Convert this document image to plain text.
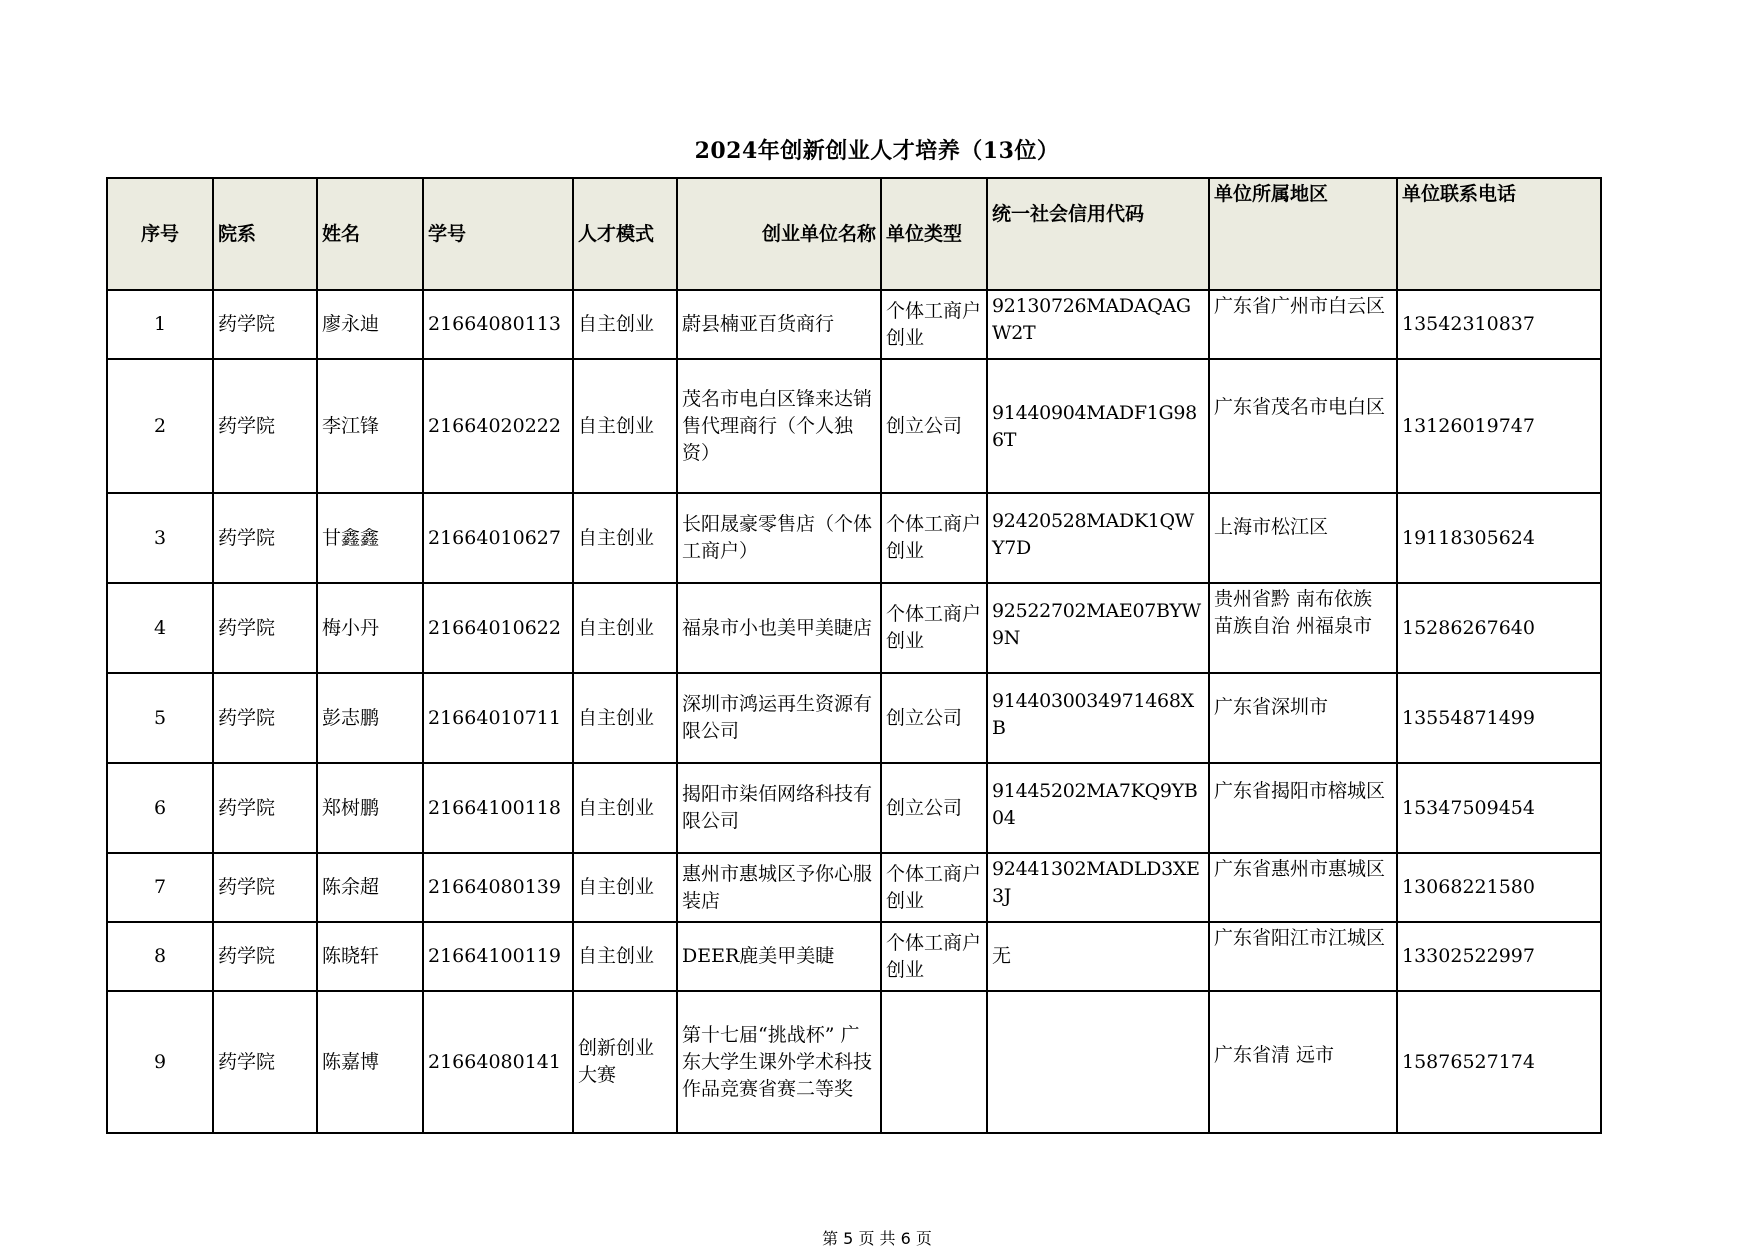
2024年创新创业人才培养（13位）
序号	院系	姓名	学号	人才模式	创业单位名称	单位类型	统一社会信用代码	单位所属地区	单位联系电话
1	药学院	廖永迪	21664080113	自主创业	蔚县楠亚百货商行	个体工商户创业	92130726MADAQAGW2T	广东省广州市白云区	13542310837
2	药学院	李江锋	21664020222	自主创业	茂名市电白区锋来达销售代理商行（个人独资）	创立公司	91440904MADF1G986T	广东省茂名市电白区	13126019747
3	药学院	甘鑫鑫	21664010627	自主创业	长阳晟豪零售店（个体工商户）	个体工商户创业	92420528MADK1QWY7D	上海市松江区	19118305624
4	药学院	梅小丹	21664010622	自主创业	福泉市小也美甲美睫店	个体工商户创业	92522702MAE07BYW9N	贵州省黔 南布依族 苗族自治 州福泉市	15286267640
5	药学院	彭志鹏	21664010711	自主创业	深圳市鸿运再生资源有限公司	创立公司	9144030034971468XB	广东省深圳市	13554871499
6	药学院	郑树鹏	21664100118	自主创业	揭阳市柒佰网络科技有限公司	创立公司	91445202MA7KQ9YB04	广东省揭阳市榕城区	15347509454
7	药学院	陈余超	21664080139	自主创业	惠州市惠城区予你心服装店	个体工商户创业	92441302MADLD3XE3J	广东省惠州市惠城区	13068221580
8	药学院	陈晓轩	21664100119	自主创业	DEER鹿美甲美睫	个体工商户创业	无	广东省阳江市江城区	13302522997
9	药学院	陈嘉博	21664080141	创新创业大赛	第十七届“挑战杯” 广东大学生课外学术科技作品竞赛省赛二等奖			广东省清 远市	15876527174
第 5 页 共 6 页
